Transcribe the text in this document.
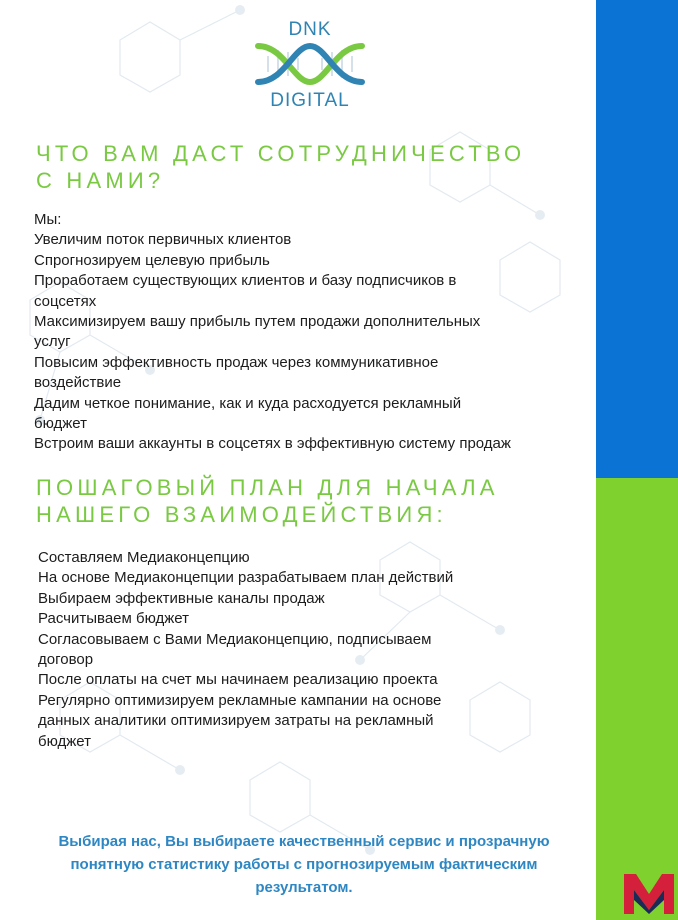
DNK
DIGITAL
ЧТО ВАМ ДАСТ СОТРУДНИЧЕСТВО
С НАМИ?
Мы:
Увеличим поток первичных клиентов
Спрогнозируем целевую прибыль
Проработаем существующих клиентов и базу подписчиков в
соцсетях
Максимизируем вашу прибыль путем продажи дополнительных
услуг
Повысим эффективность продаж через коммуникативное
воздействие
Дадим четкое понимание, как и куда расходуется рекламный
бюджет
Встроим ваши аккаунты в соцсетях в эффективную систему продаж
ПОШАГОВЫЙ ПЛАН ДЛЯ НАЧАЛА
НАШЕГО ВЗАИМОДЕЙСТВИЯ:
Составляем Медиаконцепцию
На основе Медиаконцепции разрабатываем план действий
Выбираем эффективные каналы продаж
Расчитываем бюджет
Согласовываем с Вами Медиаконцепцию, подписываем
договор
После оплаты на счет мы начинаем реализацию проекта
Регулярно оптимизируем рекламные кампании на основе
данных аналитики оптимизируем затраты на рекламный
бюджет

Выбирая нас, Вы выбираете качественный сервис и прозрачную
понятную статистику работы с прогнозируемым фактическим
результатом.
